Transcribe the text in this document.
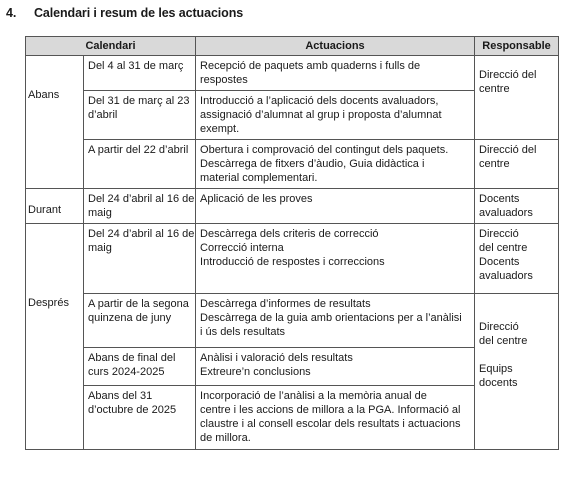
4. Calendari i resum de les actuacions
Calendari		Actuacions	Responsable
Abans	Del 4 al 31 de març	Recepció de paquets amb quaderns i fulls de
respostes	Direcció del
centre

	Del 31 de març al 23
d’abril	Introducció a l’aplicació dels docents avaluadors,
assignació d’alumnat al grup i proposta d’alumnat
exempt.	

	A partir del 22 d’abril	Obertura i comprovació del contingut dels paquets.
Descàrrega de fitxers d’àudio, Guia didàctica i
material complementari.	Direcció del
centre

Durant	Del 24 d’abril al 16 de
maig	Aplicació de les proves	Docents
avaluadors

Després	Del 24 d’abril al 16 de
maig	Descàrrega dels criteris de correcció
Correcció interna
Introducció de respostes i correccions	Direcció
del centre
Docents
avaluadors

	A partir de la segona
quinzena de juny	Descàrrega d’informes de resultats
Descàrrega de la guia amb orientacions per a l’anàlisi
i ús dels resultats	Direcció
del centre
Equips
docents

	Abans de final del
curs 2024-2025	Anàlisi i valoració dels resultats
Extreure’n conclusions	

	Abans del 31
d’octubre de 2025	Incorporació de l’anàlisi a la memòria anual de
centre i les accions de millora a la PGA. Informació al
claustre i al consell escolar dels resultats i actuacions
de millora.	
